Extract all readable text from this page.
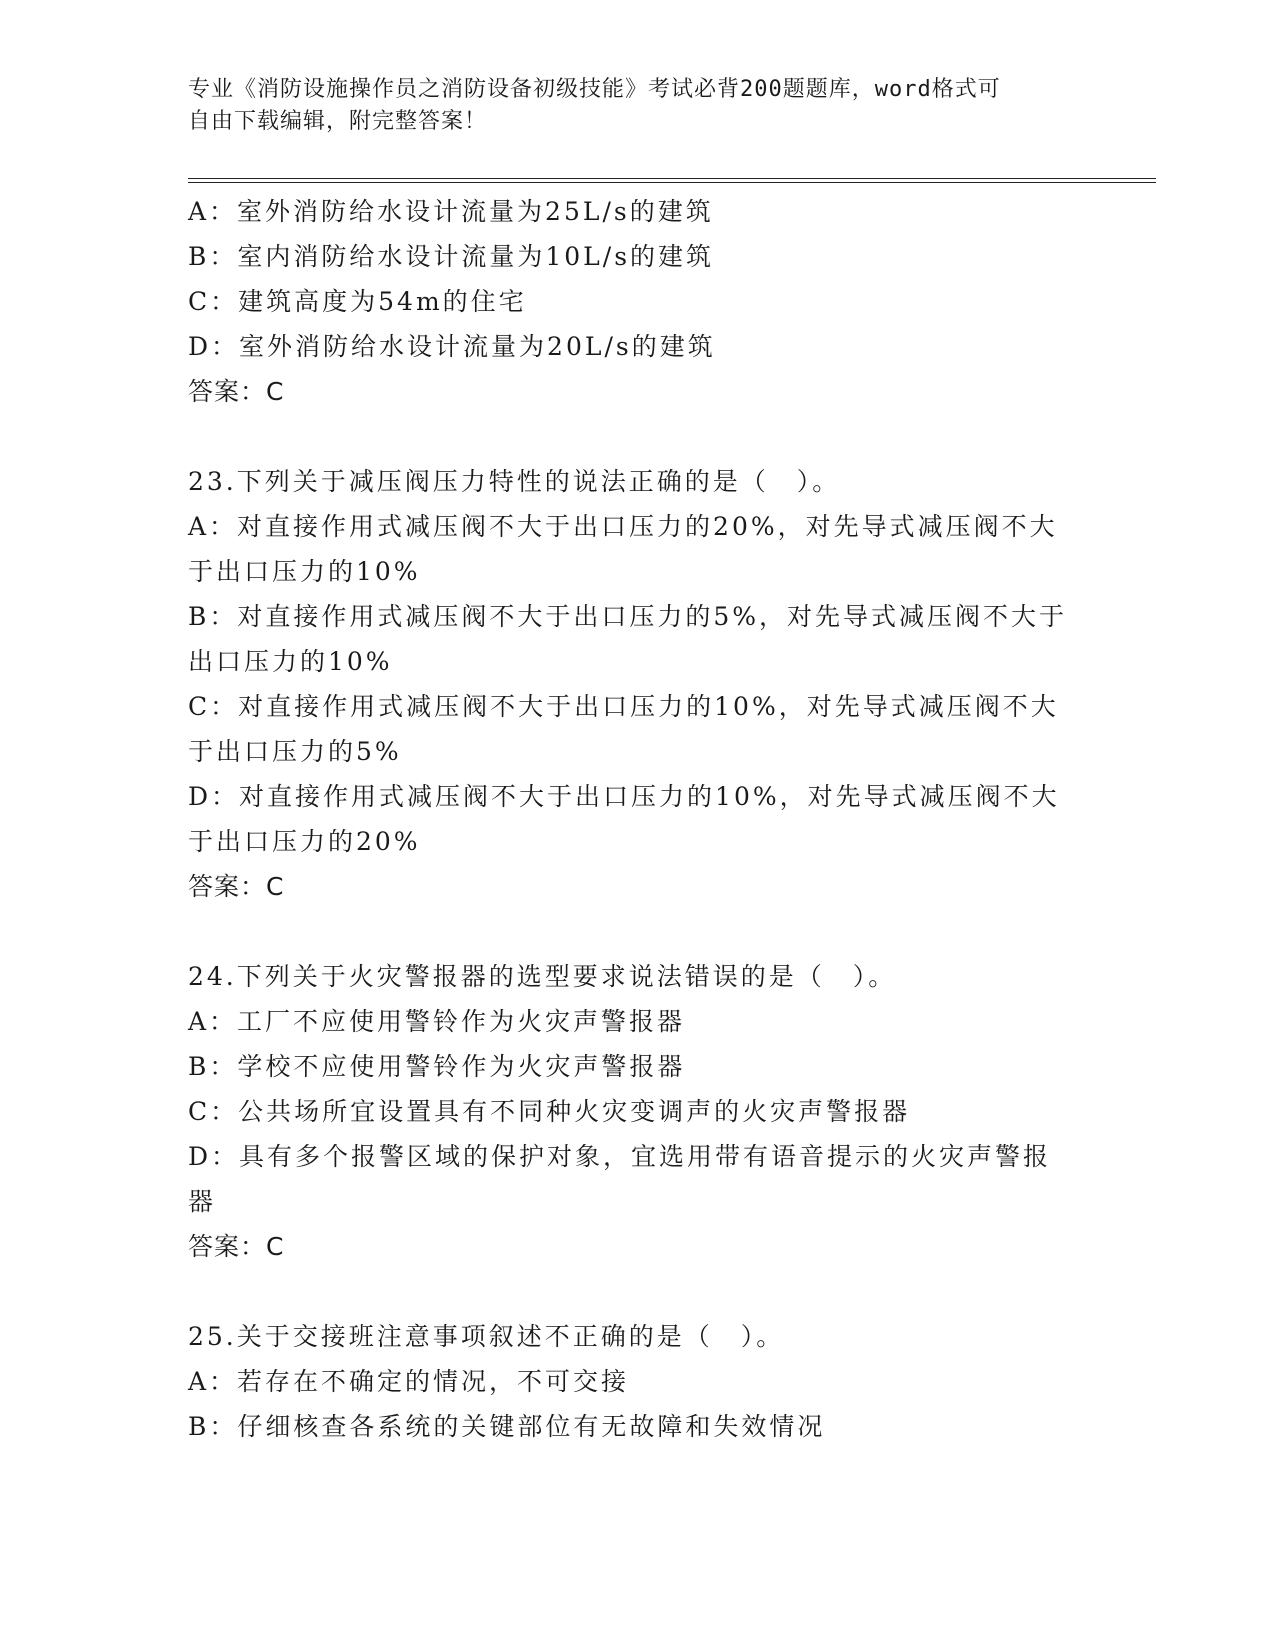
专业《消防设施操作员之消防设备初级技能》考试必背200题题库，word格式可
自由下载编辑，附完整答案！
A：室外消防给水设计流量为25L/s的建筑
B：室内消防给水设计流量为10L/s的建筑
C：建筑高度为54m的住宅
D：室外消防给水设计流量为20L/s的建筑
答案：C
23.下列关于减压阀压力特性的说法正确的是（　）。
A：对直接作用式减压阀不大于出口压力的20%，对先导式减压阀不大
于出口压力的10%
B：对直接作用式减压阀不大于出口压力的5%，对先导式减压阀不大于
出口压力的10%
C：对直接作用式减压阀不大于出口压力的10%，对先导式减压阀不大
于出口压力的5%
D：对直接作用式减压阀不大于出口压力的10%，对先导式减压阀不大
于出口压力的20%
答案：C
24.下列关于火灾警报器的选型要求说法错误的是（　）。
A：工厂不应使用警铃作为火灾声警报器
B：学校不应使用警铃作为火灾声警报器
C：公共场所宜设置具有不同种火灾变调声的火灾声警报器
D：具有多个报警区域的保护对象，宜选用带有语音提示的火灾声警报
器
答案：C
25.关于交接班注意事项叙述不正确的是（　）。
A：若存在不确定的情况，不可交接
B：仔细核查各系统的关键部位有无故障和失效情况
